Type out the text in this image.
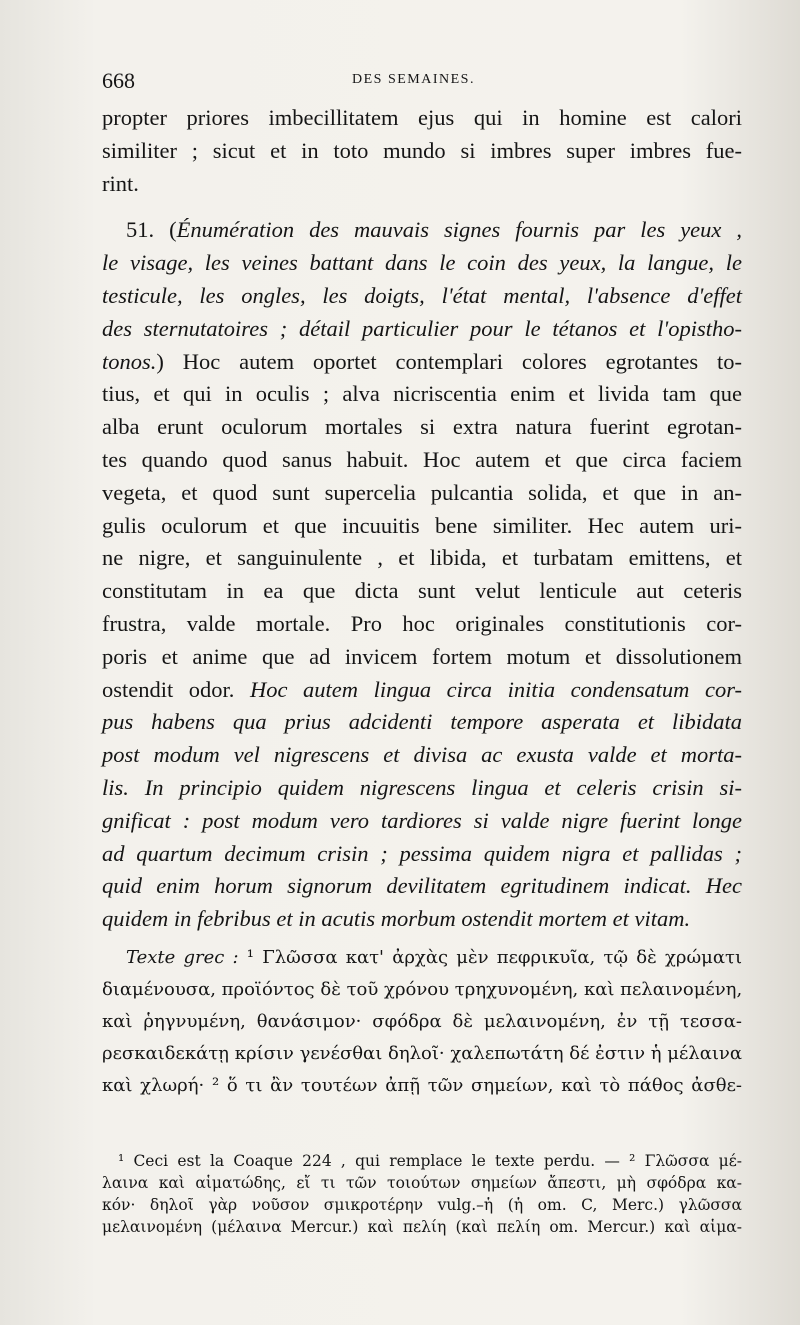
668	DES SEMAINES.
propter priores imbecillitatem ejus qui in homine est calori
similiter ; sicut et in toto mundo si imbres super imbres fue-
rint.
51. (Énumération des mauvais signes fournis par les yeux ,
le visage, les veines battant dans le coin des yeux, la langue, le
testicule, les ongles, les doigts, l'état mental, l'absence d'effet
des sternutatoires ; détail particulier pour le tétanos et l'opistho-
tonos.) Hoc autem oportet contemplari colores egrotantes to-
tius, et qui in oculis ; alva nicriscentia enim et livida tam que
alba erunt oculorum mortales si extra natura fuerint egrotan-
tes quando quod sanus habuit. Hoc autem et que circa faciem
vegeta, et quod sunt supercelia pulcantia solida, et que in an-
gulis oculorum et que incuuitis bene similiter. Hec autem uri-
ne nigre, et sanguinulente , et libida, et turbatam emittens, et
constitutam in ea que dicta sunt velut lenticule aut ceteris
frustra, valde mortale. Pro hoc originales constitutionis cor-
poris et anime que ad invicem fortem motum et dissolutionem
ostendit odor. Hoc autem lingua circa initia condensatum cor-
pus habens qua prius adcidenti tempore asperata et libidata
post modum vel nigrescens et divisa ac exusta valde et morta-
lis. In principio quidem nigrescens lingua et celeris crisin si-
gnificat : post modum vero tardiores si valde nigre fuerint longe
ad quartum decimum crisin ; pessima quidem nigra et pallidas ;
quid enim horum signorum devilitatem egritudinem indicat. Hec
quidem in febribus et in acutis morbum ostendit mortem et vitam.
Texte grec : ¹ Γλῶσσα κατ' ἀρχὰς μὲν πεφρικυῖα, τῷ δὲ χρώματι
διαμένουσα, προϊόντος δὲ τοῦ χρόνου τρηχυνομένη, καὶ πελαινομένη,
καὶ ῥηγνυμένη, θανάσιμον· σφόδρα δὲ μελαινομένη, ἐν τῇ τεσσα-
ρεσκαιδεκάτῃ κρίσιν γενέσθαι δηλοῖ· χαλεπωτάτη δέ ἐστιν ἡ μέλαινα
καὶ χλωρή· ² ὅ τι ἂν τουτέων ἀπῇ τῶν σημείων, καὶ τὸ πάθος ἀσθε-
¹ Ceci est la Coaque 224 , qui remplace le texte perdu. — ² Γλῶσσα μέ-
λαινα καὶ αἱματώδης, εἴ τι τῶν τοιούτων σημείων ἄπεστι, μὴ σφόδρα κα-
κόν· δηλοῖ γὰρ νοῦσον σμικροτέρην vulg.–ἡ (ἡ om. C, Merc.) γλῶσσα
μελαινομένη (μέλαινα Mercur.) καὶ πελίη (καὶ πελίη om. Mercur.) καὶ αἱμα-
